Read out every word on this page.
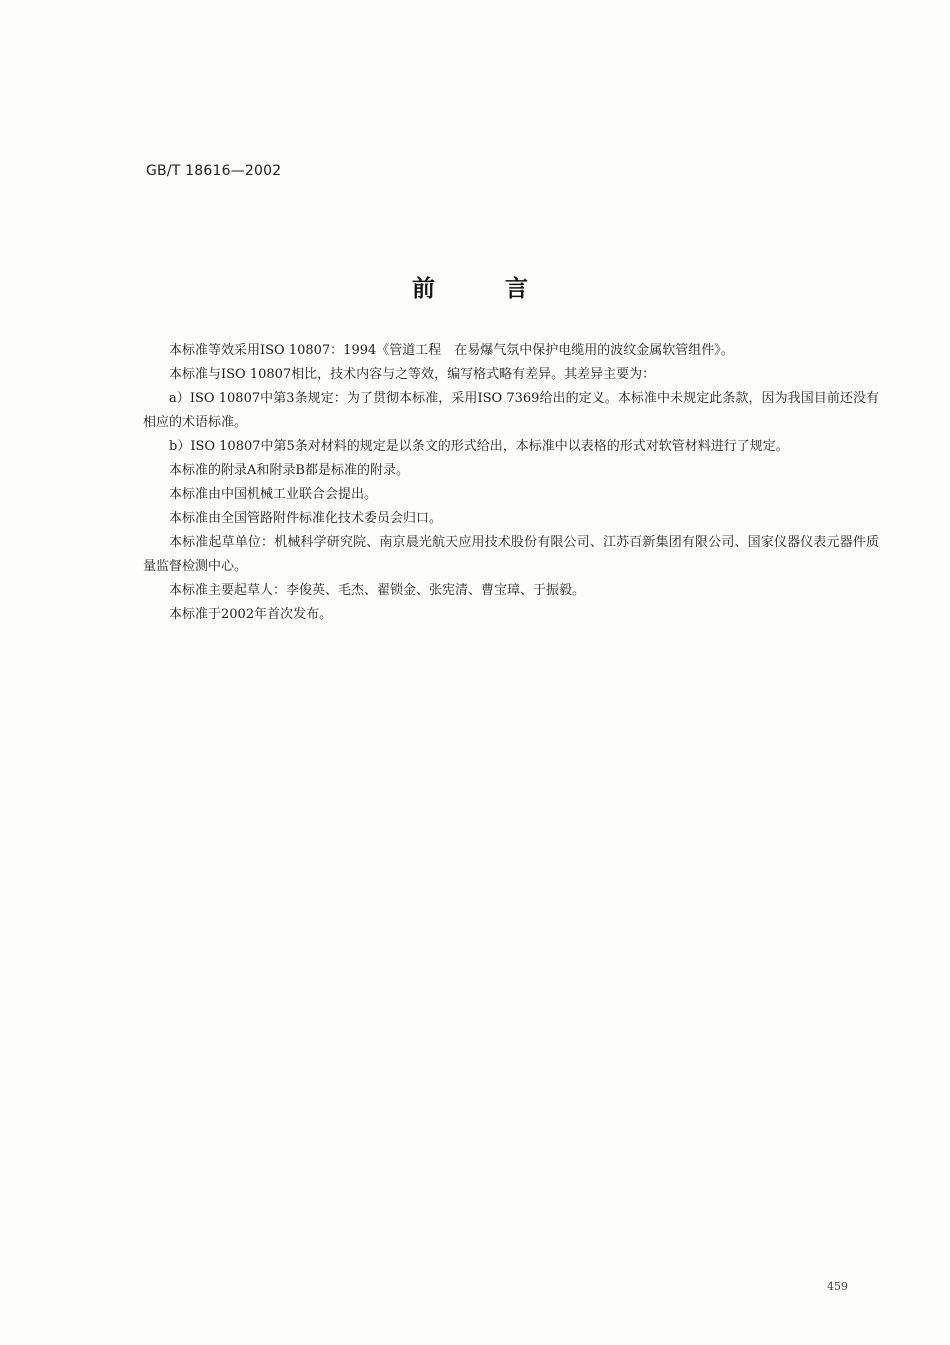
GB/T 18616—2002
前言

本标准等效采用ISO 10807：1994《管道工程　在易爆气氛中保护电缆用的波纹金属软管组件》。

本标准与ISO 10807相比，技术内容与之等效，编写格式略有差异。其差异主要为：

a）ISO 10807中第3条规定：为了贯彻本标准，采用ISO 7369给出的定义。本标准中未规定此条款，因为我国目前还没有相应的术语标准。

b）ISO 10807中第5条对材料的规定是以条文的形式给出，本标准中以表格的形式对软管材料进行了规定。

本标准的附录A和附录B都是标准的附录。

本标准由中国机械工业联合会提出。

本标准由全国管路附件标准化技术委员会归口。

本标准起草单位：机械科学研究院、南京晨光航天应用技术股份有限公司、江苏百新集团有限公司、国家仪器仪表元器件质量监督检测中心。

本标准主要起草人：李俊英、毛杰、翟锁金、张宪清、曹宝璋、于振毅。

本标准于2002年首次发布。

459
